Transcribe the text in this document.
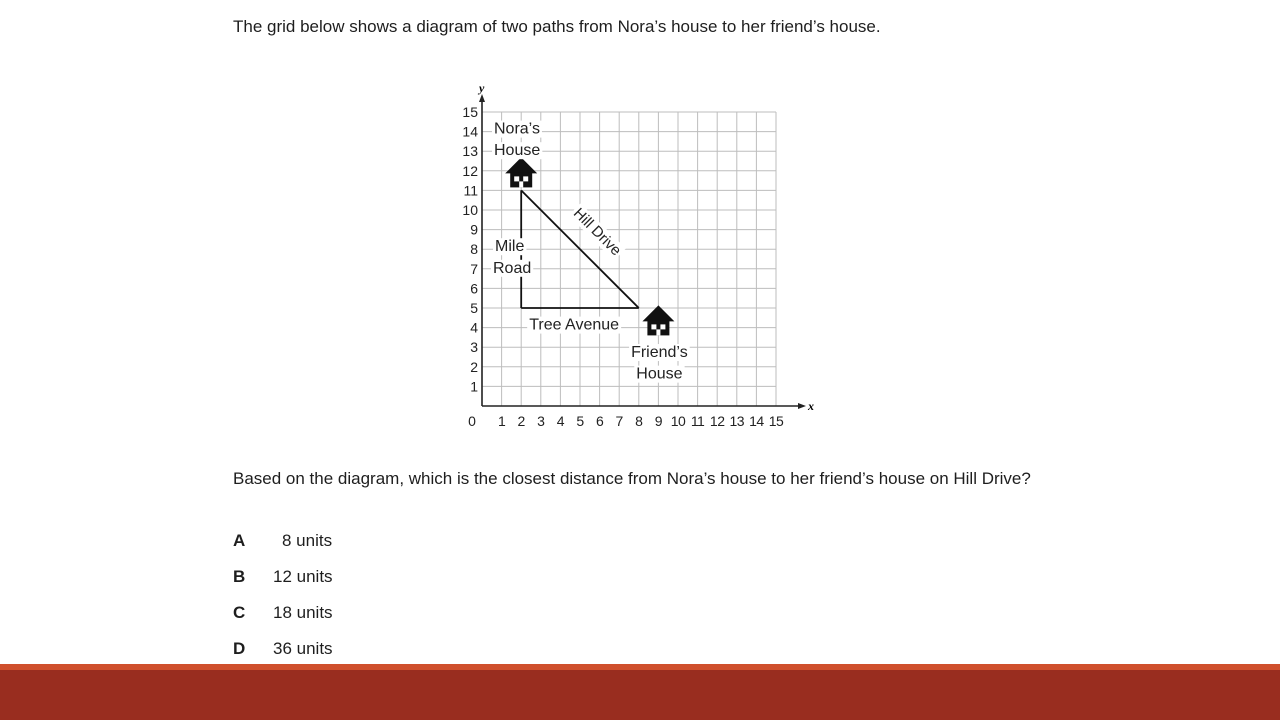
The grid below shows a diagram of two paths from Nora’s house to her friend’s house.

x
y
0 1 2 3 4 5 6 7 8 9 10 11 12 13 14 15
1
2
3
4
5
6
7
8
9
10
11
12
13
14
15
Nora’s
House
Mile
Road
Tree Avenue
Friend’s
House
Hill Drive

Based on the diagram, which is the closest distance from Nora’s house to her friend’s house on Hill Drive?

A 8 units
B 12 units
C 18 units
D 36 units
